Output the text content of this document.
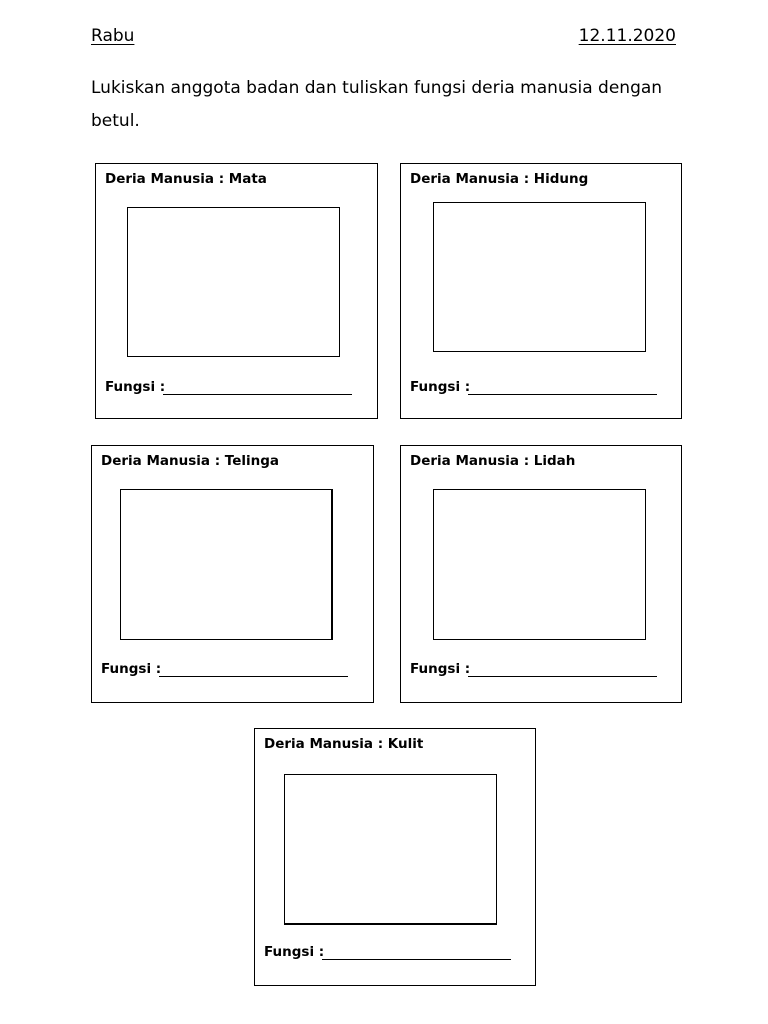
Rabu	12.11.2020
Lukiskan anggota badan dan tuliskan fungsi deria manusia dengan betul.
Deria Manusia : Mata
Fungsi :
Deria Manusia : Hidung
Fungsi :
Deria Manusia : Telinga
Fungsi :
Deria Manusia : Lidah
Fungsi :
Deria Manusia : Kulit
Fungsi :
